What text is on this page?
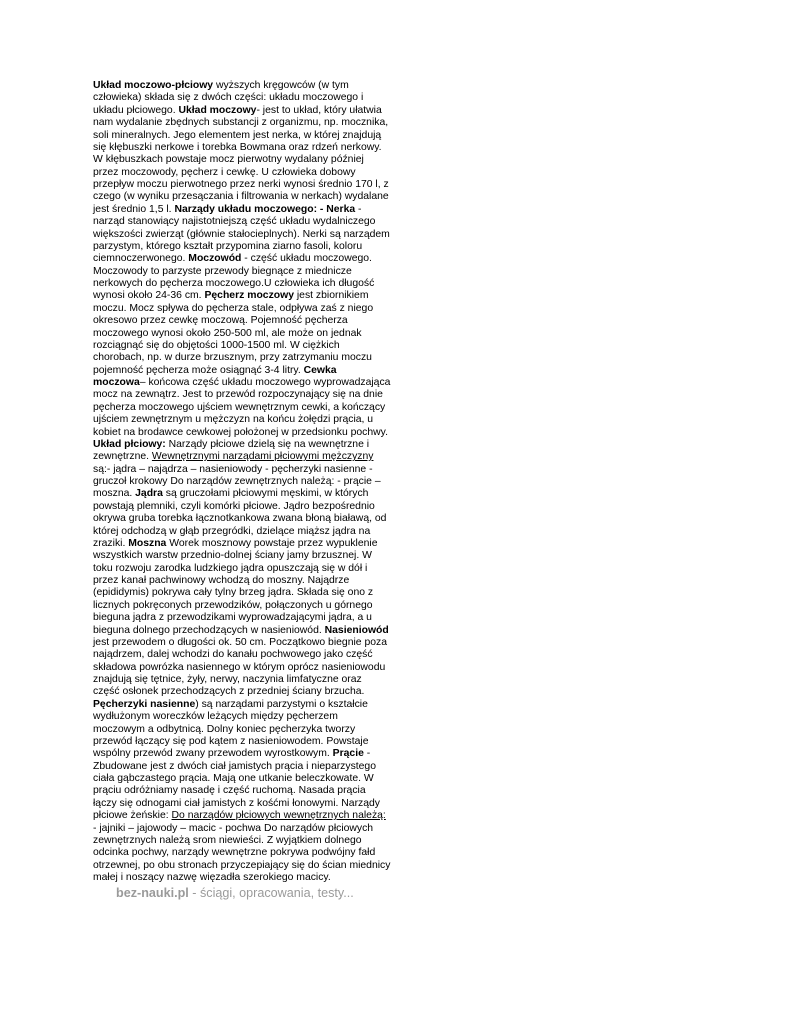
Układ moczowo-płciowy wyższych kręgowców (w tym człowieka) składa się z dwóch części: układu moczowego i układu płciowego. Układ moczowy- jest to układ, który ułatwia nam wydalanie zbędnych substancji z organizmu, np. mocznika, soli mineralnych. Jego elementem jest nerka, w której znajdują się kłębuszki nerkowe i torebka Bowmana oraz rdzeń nerkowy. W kłębuszkach powstaje mocz pierwotny wydalany później przez moczowody, pęcherz i cewkę. U człowieka dobowy przepływ moczu pierwotnego przez nerki wynosi średnio 170 l, z czego (w wyniku przesączania i filtrowania w nerkach) wydalane jest średnio 1,5 l. Narządy układu moczowego: - Nerka - narząd stanowiący najistotniejszą część układu wydalniczego większości zwierząt (głównie stałocieplnych). Nerki są narządem parzystym, którego kształt przypomina ziarno fasoli, koloru ciemnoczerwonego. Moczowód - część układu moczowego. Moczowody to parzyste przewody biegnące z miednicze nerkowych do pęcherza moczowego.U człowieka ich długość wynosi około 24-36 cm. Pęcherz moczowy jest zbiornikiem moczu. Mocz spływa do pęcherza stale, odpływa zaś z niego okresowo przez cewkę moczową. Pojemność pęcherza moczowego wynosi około 250-500 ml, ale może on jednak rozciągnąć się do objętości 1000-1500 ml. W ciężkich chorobach, np. w durze brzusznym, przy zatrzymaniu moczu pojemność pęcherza może osiągnąć 3-4 litry. Cewka moczowa– końcowa część układu moczowego wyprowadzająca mocz na zewnątrz. Jest to przewód rozpoczynający się na dnie pęcherza moczowego ujściem wewnętrznym cewki, a kończący ujściem zewnętrznym u mężczyzn na końcu żołędzi prącia, u kobiet na brodawce cewkowej położonej w przedsionku pochwy.
Układ płciowy: Narządy płciowe dzielą się na wewnętrzne i zewnętrzne. Wewnętrznymi narządami płciowymi mężczyzny są:- jądra – najądrza – nasieniowody - pęcherzyki nasienne - gruczoł krokowy Do narządów zewnętrznych należą: - prącie – moszna. Jądra są gruczołami płciowymi męskimi, w których powstają plemniki, czyli komórki płciowe. Jądro bezpośrednio okrywa gruba torebka łącznotkankowa zwana błoną białawą, od której odchodzą w głąb przegródki, dzielące miąższ jądra na zraziki. Moszna Worek mosznowy powstaje przez wypuklenie wszystkich warstw przednio-dolnej ściany jamy brzusznej. W toku rozwoju zarodka ludzkiego jądra opuszczają się w dół i przez kanał pachwinowy wchodzą do moszny. Najądrze (epididymis) pokrywa cały tylny brzeg jądra. Składa się ono z licznych pokręconych przewodzików, połączonych u górnego bieguna jądra z przewodzikami wyprowadzającymi jądra, a u bieguna dolnego przechodzących w nasieniowód. Nasieniowód jest przewodem o długości ok. 50 cm. Początkowo biegnie poza najądrzem, dalej wchodzi do kanału pochwowego jako część składowa powrózka nasiennego w którym oprócz nasieniowodu znajdują się tętnice, żyły, nerwy, naczynia limfatyczne oraz część osłonek przechodzących z przedniej ściany brzucha. Pęcherzyki nasienne) są narządami parzystymi o kształcie wydłużonym woreczków leżących między pęcherzem moczowym a odbytnicą. Dolny koniec pęcherzyka tworzy przewód łączący się pod kątem z nasieniowodem. Powstaje wspólny przewód zwany przewodem wyrostkowym. Prącie -Zbudowane jest z dwóch ciał jamistych prącia i nieparzystego ciała gąbczastego prącia. Mają one utkanie beleczkowate. W prąciu odróżniamy nasadę i część ruchomą. Nasada prącia łączy się odnogami ciał jamistych z kośćmi łonowymi. Narządy płciowe żeńskie: Do narządów płciowych wewnętrznych należą: - jajniki – jajowody – macic - pochwa Do narządów płciowych zewnętrznych należą srom niewieści. Z wyjątkiem dolnego odcinka pochwy, narządy wewnętrzne pokrywa podwójny fałd otrzewnej, po obu stronach przyczepiający się do ścian miednicy małej i noszący nazwę więzadła szerokiego macicy.
bez-nauki.pl - ściągi, opracowania, testy...
